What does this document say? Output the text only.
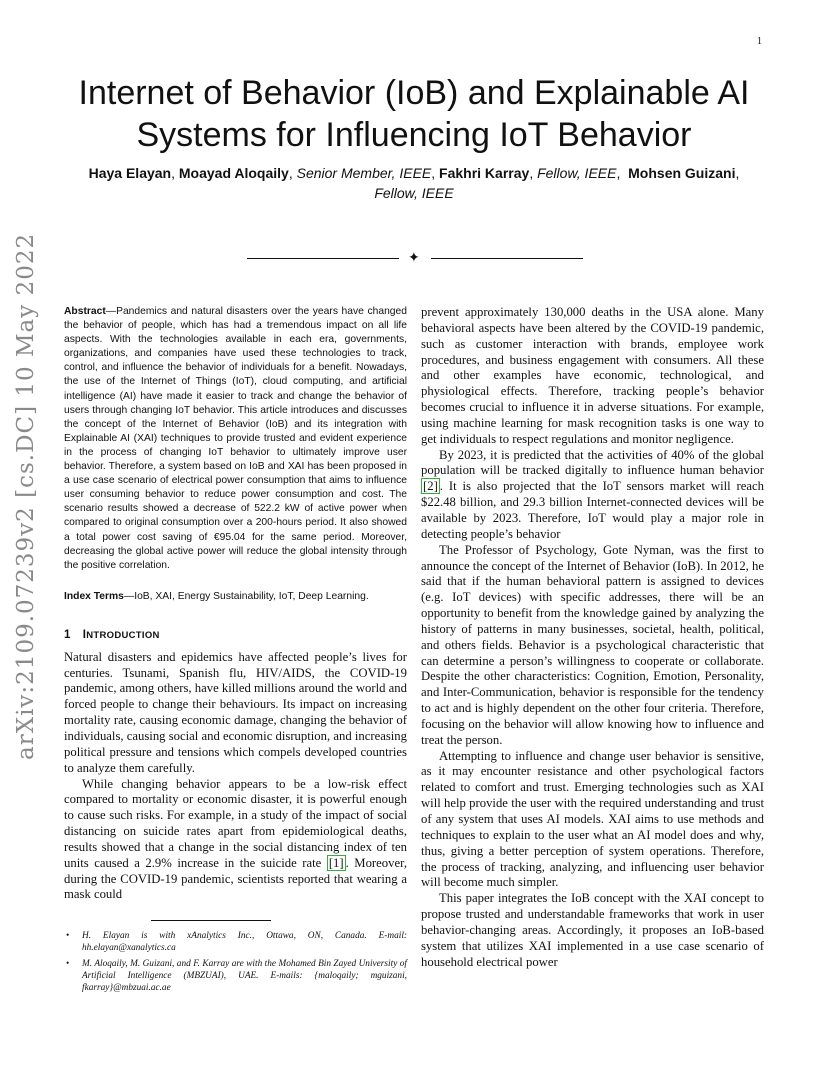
1
arXiv:2109.07239v2 [cs.DC] 10 May 2022
Internet of Behavior (IoB) and Explainable AI Systems for Influencing IoT Behavior
Haya Elayan, Moayad Aloqaily, Senior Member, IEEE, Fakhri Karray, Fellow, IEEE,  Mohsen Guizani, Fellow, IEEE
✦

Abstract—Pandemics and natural disasters over the years have changed the behavior of people, which has had a tremendous impact on all life aspects. With the technologies available in each era, governments, organizations, and companies have used these technologies to track, control, and influence the behavior of individuals for a benefit. Nowadays, the use of the Internet of Things (IoT), cloud computing, and artificial intelligence (AI) have made it easier to track and change the behavior of users through changing IoT behavior. This article introduces and discusses the concept of the Internet of Behavior (IoB) and its integration with Explainable AI (XAI) techniques to provide trusted and evident experience in the process of changing IoT behavior to ultimately improve user behavior. Therefore, a system based on IoB and XAI has been proposed in a use case scenario of electrical power consumption that aims to influence user consuming behavior to reduce power consumption and cost. The scenario results showed a decrease of 522.2 kW of active power when compared to original consumption over a 200-hours period. It also showed a total power cost saving of €95.04 for the same period. Moreover, decreasing the global active power will reduce the global intensity through the positive correlation.

Index Terms—IoB, XAI, Energy Sustainability, IoT, Deep Learning.

1 INTRODUCTION

Natural disasters and epidemics have affected people’s lives for centuries. Tsunami, Spanish flu, HIV/AIDS, the COVID-19 pandemic, among others, have killed millions around the world and forced people to change their behaviours. Its impact on increasing mortality rate, causing economic damage, changing the behavior of individuals, causing social and economic disruption, and increasing political pressure and tensions which compels developed countries to analyze them carefully.

While changing behavior appears to be a low-risk effect compared to mortality or economic disaster, it is powerful enough to cause such risks. For example, in a study of the impact of social distancing on suicide rates apart from epidemiological deaths, results showed that a change in the social distancing index of ten units caused a 2.9% increase in the suicide rate [1] . Moreover, during the COVID-19 pandemic, scientists reported that wearing a mask could

• H. Elayan is with xAnalytics Inc., Ottawa, ON, Canada. E-mail: hh.elayan@xanalytics.ca
• M. Aloqaily, M. Guizani, and F. Karray are with the Mohamed Bin Zayed University of Artificial Intelligence (MBZUAI), UAE. E-mails: {maloqaily; mguizani, fkarray}@mbzuai.ac.ae

prevent approximately 130,000 deaths in the USA alone. Many behavioral aspects have been altered by the COVID-19 pandemic, such as customer interaction with brands, employee work procedures, and business engagement with consumers. All these and other examples have economic, technological, and physiological effects. Therefore, tracking people’s behavior becomes crucial to influence it in adverse situations. For example, using machine learning for mask recognition tasks is one way to get individuals to respect regulations and monitor negligence.

By 2023, it is predicted that the activities of 40% of the global population will be tracked digitally to influence human behavior [2] . It is also projected that the IoT sensors market will reach $22.48 billion, and 29.3 billion Internet-connected devices will be available by 2023. Therefore, IoT would play a major role in detecting people’s behavior

The Professor of Psychology, Gote Nyman, was the first to announce the concept of the Internet of Behavior (IoB). In 2012, he said that if the human behavioral pattern is assigned to devices (e.g. IoT devices) with specific addresses, there will be an opportunity to benefit from the knowledge gained by analyzing the history of patterns in many businesses, societal, health, political, and others fields. Behavior is a psychological characteristic that can determine a person’s willingness to cooperate or collaborate. Despite the other characteristics: Cognition, Emotion, Personality, and Inter-Communication, behavior is responsible for the tendency to act and is highly dependent on the other four criteria. Therefore, focusing on the behavior will allow knowing how to influence and treat the person.

Attempting to influence and change user behavior is sensitive, as it may encounter resistance and other psychological factors related to comfort and trust. Emerging technologies such as XAI will help provide the user with the required understanding and trust of any system that uses AI models. XAI aims to use methods and techniques to explain to the user what an AI model does and why, thus, giving a better perception of system operations. Therefore, the process of tracking, analyzing, and influencing user behavior will become much simpler.

This paper integrates the IoB concept with the XAI concept to propose trusted and understandable frameworks that work in user behavior-changing areas. Accordingly, it proposes an IoB-based system that utilizes XAI implemented in a use case scenario of household electrical power
